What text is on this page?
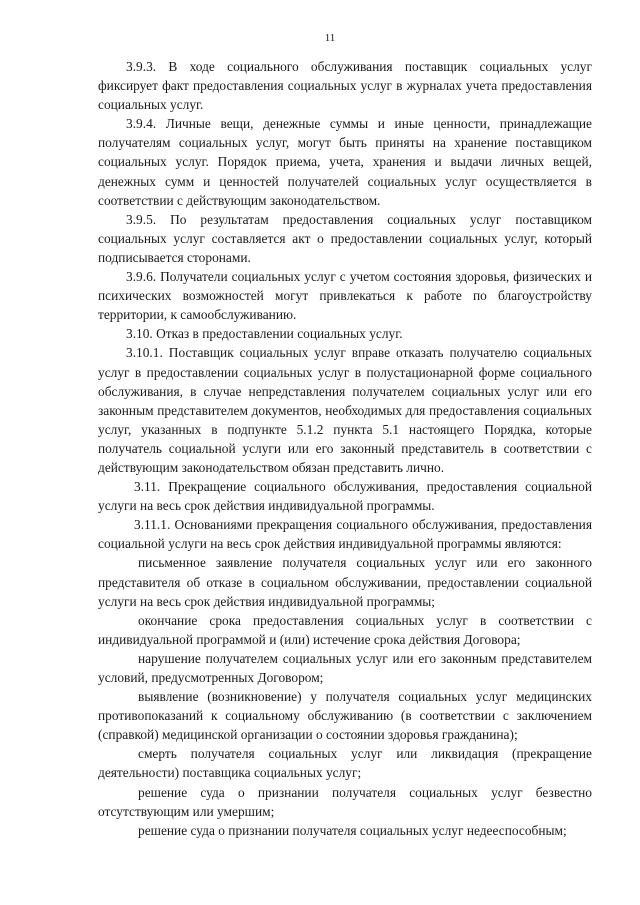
11

3.9.3. В ходе социального обслуживания поставщик социальных услуг фиксирует факт предоставления социальных услуг в журналах учета предоставления социальных услуг.

3.9.4. Личные вещи, денежные суммы и иные ценности, принадлежащие получателям социальных услуг, могут быть приняты на хранение поставщиком социальных услуг. Порядок приема, учета, хранения и выдачи личных вещей, денежных сумм и ценностей получателей социальных услуг осуществляется в соответствии с действующим законодательством.

3.9.5. По результатам предоставления социальных услуг поставщиком социальных услуг составляется акт о предоставлении социальных услуг, который подписывается сторонами.

3.9.6. Получатели социальных услуг с учетом состояния здоровья, физических и психических возможностей могут привлекаться к работе по благоустройству территории, к самообслуживанию.

3.10. Отказ в предоставлении социальных услуг.

3.10.1. Поставщик социальных услуг вправе отказать получателю социальных услуг в предоставлении социальных услуг в полустационарной форме социального обслуживания, в случае непредставления получателем социальных услуг или его законным представителем документов, необходимых для предоставления социальных услуг, указанных в подпункте 5.1.2 пункта 5.1 настоящего Порядка, которые получатель социальной услуги или его законный представитель в соответствии с действующим законодательством обязан представить лично.

3.11. Прекращение социального обслуживания, предоставления социальной услуги на весь срок действия индивидуальной программы.

3.11.1. Основаниями прекращения социального обслуживания, предоставления социальной услуги на весь срок действия индивидуальной программы являются:

письменное заявление получателя социальных услуг или его законного представителя об отказе в социальном обслуживании, предоставлении социальной услуги на весь срок действия индивидуальной программы;

окончание срока предоставления социальных услуг в соответствии с индивидуальной программой и (или) истечение срока действия Договора;

нарушение получателем социальных услуг или его законным представителем условий, предусмотренных Договором;

выявление (возникновение) у получателя социальных услуг медицинских противопоказаний к социальному обслуживанию (в соответствии с заключением (справкой) медицинской организации о состоянии здоровья гражданина);

смерть получателя социальных услуг или ликвидация (прекращение деятельности) поставщика социальных услуг;

решение суда о признании получателя социальных услуг безвестно отсутствующим или умершим;

решение суда о признании получателя социальных услуг недееспособным;
